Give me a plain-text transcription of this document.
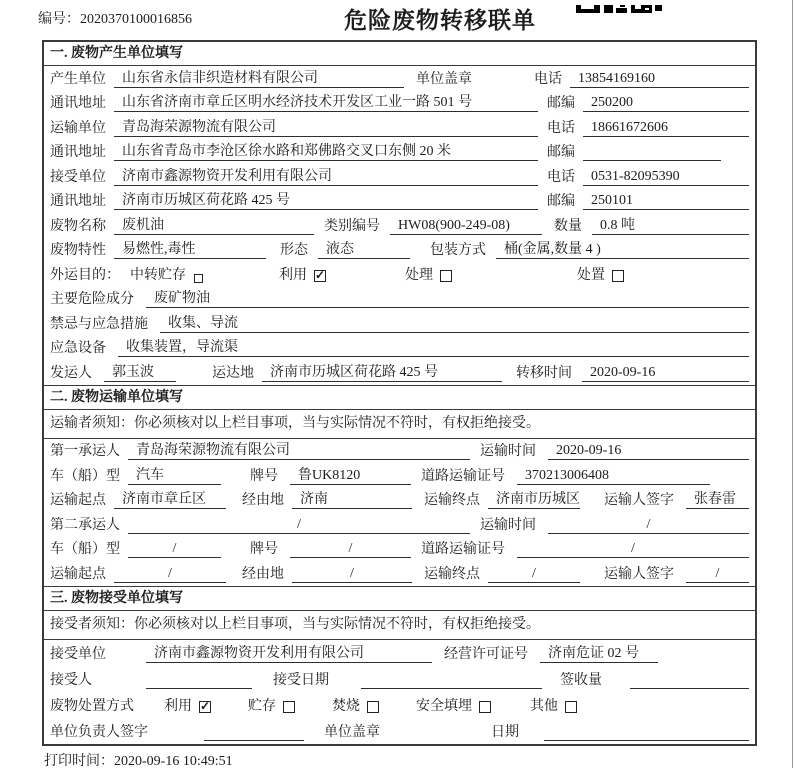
编号：2020370100016856	危险废物转移联单
一. 废物产生单位填写
产生单位	山东省永信非织造材料有限公司	单位盖章	电话	13854169160
通讯地址	山东省济南市章丘区明水经济技术开发区工业一路 501 号	邮编	250200
运输单位	青岛海荣源物流有限公司	电话	18661672606
通讯地址	山东省青岛市李沧区徐水路和郑佛路交叉口东侧 20 米	邮编
接受单位	济南市鑫源物资开发利用有限公司	电话	0531-82095390
通讯地址	济南市历城区荷花路 425 号	邮编	250101
废物名称	废机油	类别编号	HW08(900-249-08)	数量	0.8 吨
废物特性	易燃性,毒性	形态	液态	包装方式	桶(金属,数量 4 )
外运目的： 中转贮存	利用 ✓	处理	处置
主要危险成分	废矿物油
禁忌与应急措施	收集、导流
应急设备	收集装置，导流渠
发运人	郭玉波	运达地	济南市历城区荷花路 425 号	转移时间	2020-09-16
二. 废物运输单位填写
运输者须知：你必须核对以上栏目事项，当与实际情况不符时，有权拒绝接受。
第一承运人	青岛海荣源物流有限公司	运输时间	2020-09-16
车（船）型	汽车	牌号	鲁UK8120	道路运输证号	370213006408
运输起点	济南市章丘区	经由地	济南	运输终点	济南市历城区 运输人签字	张春雷
第二承运人	/	运输时间	/
车（船）型	/	牌号	/	道路运输证号	/
运输起点	/	经由地	/	运输终点	/	运输人签字	/
三. 废物接受单位填写
接受者须知：你必须核对以上栏目事项，当与实际情况不符时，有权拒绝接受。
接受单位	济南市鑫源物资开发利用有限公司	经营许可证号	济南危证 02 号
接受人	接受日期	签收量
废物处置方式 利用 ✓	贮存	焚烧	安全填埋	其他
单位负责人签字	单位盖章	日期
打印时间：2020-09-16 10:49:51
